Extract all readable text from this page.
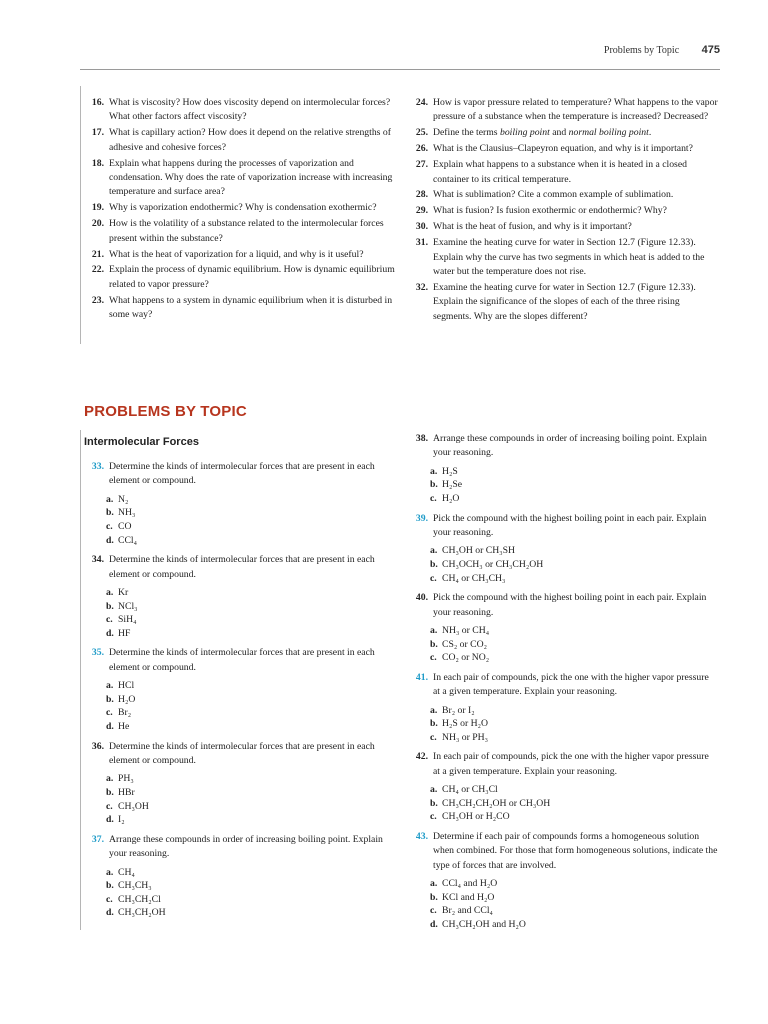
Problems by Topic 475
16. What is viscosity? How does viscosity depend on intermolecular forces? What other factors affect viscosity?
17. What is capillary action? How does it depend on the relative strengths of adhesive and cohesive forces?
18. Explain what happens during the processes of vaporization and condensation. Why does the rate of vaporization increase with increasing temperature and surface area?
19. Why is vaporization endothermic? Why is condensation exothermic?
20. How is the volatility of a substance related to the intermolecular forces present within the substance?
21. What is the heat of vaporization for a liquid, and why is it useful?
22. Explain the process of dynamic equilibrium. How is dynamic equilibrium related to vapor pressure?
23. What happens to a system in dynamic equilibrium when it is disturbed in some way?
24. How is vapor pressure related to temperature? What happens to the vapor pressure of a substance when the temperature is increased? Decreased?
25. Define the terms boiling point and normal boiling point.
26. What is the Clausius–Clapeyron equation, and why is it important?
27. Explain what happens to a substance when it is heated in a closed container to its critical temperature.
28. What is sublimation? Cite a common example of sublimation.
29. What is fusion? Is fusion exothermic or endothermic? Why?
30. What is the heat of fusion, and why is it important?
31. Examine the heating curve for water in Section 12.7 (Figure 12.33). Explain why the curve has two segments in which heat is added to the water but the temperature does not rise.
32. Examine the heating curve for water in Section 12.7 (Figure 12.33). Explain the significance of the slopes of each of the three rising segments. Why are the slopes different?
PROBLEMS BY TOPIC
Intermolecular Forces
33. Determine the kinds of intermolecular forces that are present in each element or compound.
a. N₂
b. NH₃
c. CO
d. CCl₄
34. Determine the kinds of intermolecular forces that are present in each element or compound.
a. Kr
b. NCl₃
c. SiH₄
d. HF
35. Determine the kinds of intermolecular forces that are present in each element or compound.
a. HCl
b. H₂O
c. Br₂
d. He
36. Determine the kinds of intermolecular forces that are present in each element or compound.
a. PH₃
b. HBr
c. CH₃OH
d. I₂
37. Arrange these compounds in order of increasing boiling point. Explain your reasoning.
a. CH₄
b. CH₃CH₃
c. CH₃CH₂Cl
d. CH₃CH₂OH
38. Arrange these compounds in order of increasing boiling point. Explain your reasoning.
a. H₂S
b. H₂Se
c. H₂O
39. Pick the compound with the highest boiling point in each pair. Explain your reasoning.
a. CH₃OH or CH₃SH
b. CH₃OCH₃ or CH₃CH₂OH
c. CH₄ or CH₃CH₃
40. Pick the compound with the highest boiling point in each pair. Explain your reasoning.
a. NH₃ or CH₄
b. CS₂ or CO₂
c. CO₂ or NO₂
41. In each pair of compounds, pick the one with the higher vapor pressure at a given temperature. Explain your reasoning.
a. Br₂ or I₂
b. H₂S or H₂O
c. NH₃ or PH₃
42. In each pair of compounds, pick the one with the higher vapor pressure at a given temperature. Explain your reasoning.
a. CH₄ or CH₃Cl
b. CH₃CH₂CH₂OH or CH₃OH
c. CH₃OH or H₂CO
43. Determine if each pair of compounds forms a homogeneous solution when combined. For those that form homogeneous solutions, indicate the type of forces that are involved.
a. CCl₄ and H₂O
b. KCl and H₂O
c. Br₂ and CCl₄
d. CH₃CH₂OH and H₂O
